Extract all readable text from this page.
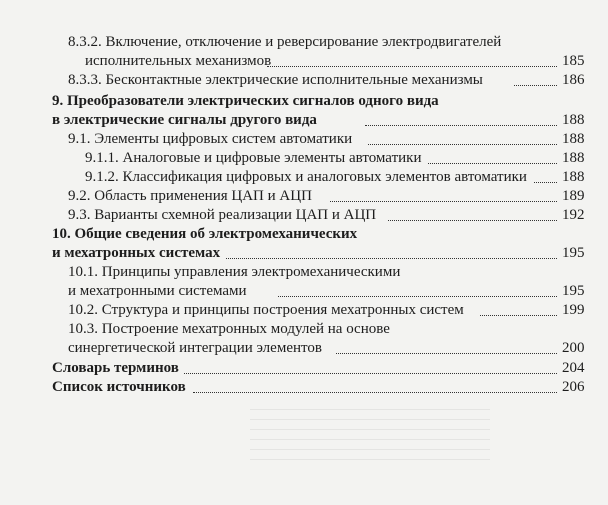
8.3.2. Включение, отключение и реверсирование электродвигателей
исполнительных механизмов	185
8.3.3. Бесконтактные электрические исполнительные механизмы	186
9. Преобразователи электрических сигналов одного вида
в электрические сигналы другого вида	188
9.1. Элементы цифровых систем автоматики	188
9.1.1. Аналоговые и цифровые элементы автоматики	188
9.1.2. Классификация цифровых и аналоговых элементов автоматики 188
9.2. Область применения ЦАП и АЦП	189
9.3. Варианты схемной реализации ЦАП и АЦП	192
10. Общие сведения об электромеханических
и мехатронных системах	195
10.1. Принципы управления электромеханическими
и мехатронными системами	195
10.2. Структура и принципы построения мехатронных систем	199
10.3. Построение мехатронных модулей на основе
синергетической интеграции элементов	200
Словарь терминов	204
Список источников	206
